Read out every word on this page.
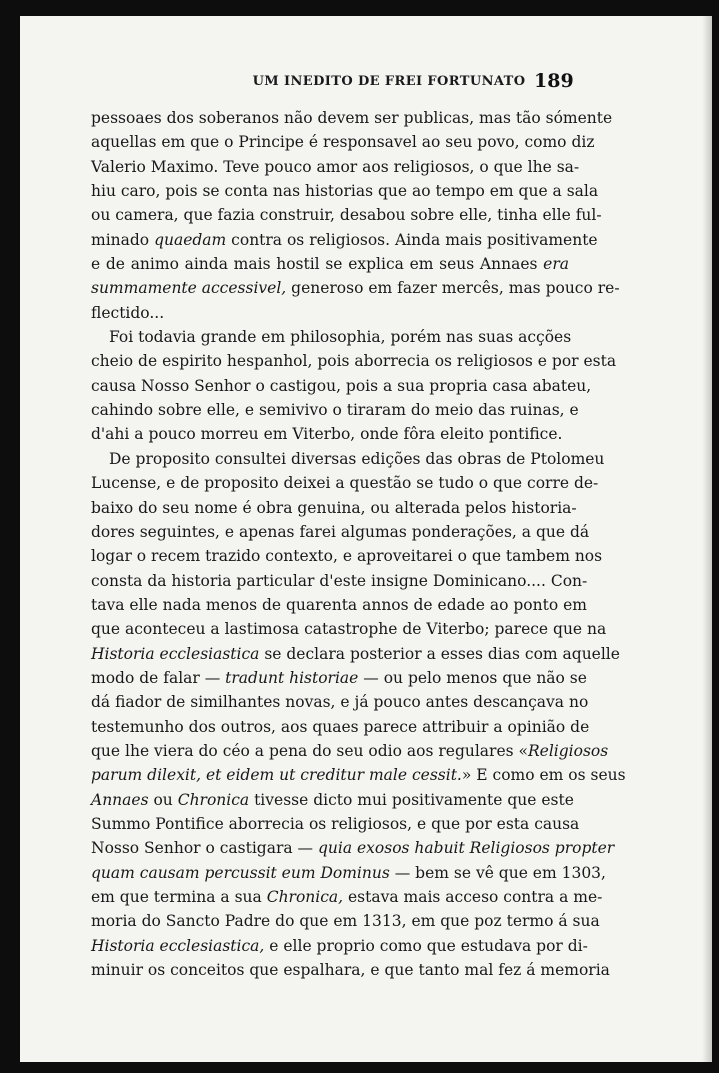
UM INEDITO DE FREI FORTUNATO 189
pessoaes dos soberanos não devem ser publicas, mas tão sómente
aquellas em que o Principe é responsavel ao seu povo, como diz
Valerio Maximo. Teve pouco amor aos religiosos, o que lhe sa-
hiu caro, pois se conta nas historias que ao tempo em que a sala
ou camera, que fazia construir, desabou sobre elle, tinha elle ful-
minado quaedam contra os religiosos. Ainda mais positivamente
e de animo ainda mais hostil se explica em seus Annaes era
summamente accessivel, generoso em fazer mercês, mas pouco re-
flectido...
Foi todavia grande em philosophia, porém nas suas acções
cheio de espirito hespanhol, pois aborrecia os religiosos e por esta
causa Nosso Senhor o castigou, pois a sua propria casa abateu,
cahindo sobre elle, e semivivo o tiraram do meio das ruinas, e
d'ahi a pouco morreu em Viterbo, onde fôra eleito pontifice.
De proposito consultei diversas edições das obras de Ptolomeu
Lucense, e de proposito deixei a questão se tudo o que corre de-
baixo do seu nome é obra genuina, ou alterada pelos historia-
dores seguintes, e apenas farei algumas ponderações, a que dá
logar o recem trazido contexto, e aproveitarei o que tambem nos
consta da historia particular d'este insigne Dominicano.... Con-
tava elle nada menos de quarenta annos de edade ao ponto em
que aconteceu a lastimosa catastrophe de Viterbo; parece que na
Historia ecclesiastica se declara posterior a esses dias com aquelle
modo de falar — tradunt historiae — ou pelo menos que não se
dá fiador de similhantes novas, e já pouco antes descançava no
testemunho dos outros, aos quaes parece attribuir a opinião de
que lhe viera do céo a pena do seu odio aos regulares «Religiosos
parum dilexit, et eidem ut creditur male cessit.» E como em os seus
Annaes ou Chronica tivesse dicto mui positivamente que este
Summo Pontifice aborrecia os religiosos, e que por esta causa
Nosso Senhor o castigara — quia exosos habuit Religiosos propter
quam causam percussit eum Dominus — bem se vê que em 1303,
em que termina a sua Chronica, estava mais acceso contra a me-
moria do Sancto Padre do que em 1313, em que poz termo á sua
Historia ecclesiastica, e elle proprio como que estudava por di-
minuir os conceitos que espalhara, e que tanto mal fez á memoria
